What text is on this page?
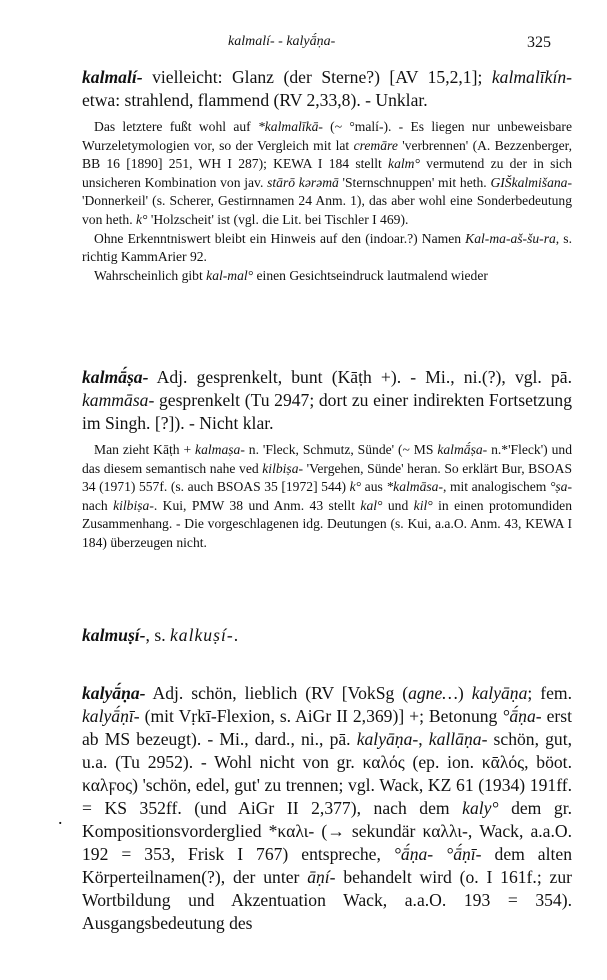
kalmalí- - kalyā́ṇa-	325

kalmalí- vielleicht: Glanz (der Sterne?) [AV 15,2,1]; kalmalīkín- etwa: strahlend, flammend (RV 2,33,8). - Unklar.

Das letztere fußt wohl auf *kalmalīkā- (~ °malí-). - Es liegen nur unbeweisbare Wurzeletymologien vor, so der Vergleich mit lat cremāre 'verbrennen' (A. Bezzenberger, BB 16 [1890] 251, WH I 287); KEWA I 184 stellt kalm° vermutend zu der in sich unsicheren Kombination von jav. stārō kərəmā 'Sternschnuppen' mit heth. GIŠkalmišana- 'Donnerkeil' (s. Scherer, Gestirnnamen 24 Anm. 1), das aber wohl eine Sonderbedeutung von heth. k° 'Holzscheit' ist (vgl. die Lit. bei Tischler I 469).

Ohne Erkenntniswert bleibt ein Hinweis auf den (indoar.?) Namen Kal-ma-aš-šu-ra, s. richtig KammArier 92.

Wahrscheinlich gibt kal-mal° einen Gesichtseindruck lautmalend wieder

kalmā́ṣa- Adj. gesprenkelt, bunt (Kāṭh +). - Mi., ni.(?), vgl. pā. kammāsa- gesprenkelt (Tu 2947; dort zu einer indirekten Fortsetzung im Singh. [?]). - Nicht klar.

Man zieht Kāṭh + kalmaṣa- n. 'Fleck, Schmutz, Sünde' (~ MS kalmā́ṣa- n.*'Fleck') und das diesem semantisch nahe ved kilbiṣa- 'Vergehen, Sünde' heran. So erklärt Bur, BSOAS 34 (1971) 557f. (s. auch BSOAS 35 [1972] 544) k° aus *kalmāsa-, mit analogischem °ṣa- nach kilbiṣa-. Kui, PMW 38 und Anm. 43 stellt kal° und kil° in einen protomundiden Zusammenhang. - Die vorgeschlagenen idg. Deutungen (s. Kui, a.a.O. Anm. 43, KEWA I 184) überzeugen nicht.

kalmuṣí-, s. kalkuṣí-.

kalyā́ṇa- Adj. schön, lieblich (RV [VokSg (agne…) kalyāṇa; fem. kalyā́ṇī- (mit Vṛkī-Flexion, s. AiGr II 2,369)] +; Betonung °ā́ṇa- erst ab MS bezeugt). - Mi., dard., ni., pā. kalyāṇa-, kallāṇa- schön, gut, u.a. (Tu 2952). - Wohl nicht von gr. καλός (ep. ion. κᾱλός, böot. καλϝος) 'schön, edel, gut' zu trennen; vgl. Wack, KZ 61 (1934) 191ff. = KS 352ff. (und AiGr II 2,377), nach dem kaly° dem gr. Kompositionsvorderglied *καλι- (→ sekundär καλλι-, Wack, a.a.O. 192 = 353, Frisk I 767) entspreche, °ā́ṇa- °ā́ṇī- dem alten Körperteilnamen(?), der unter āṇí- behandelt wird (o. I 161f.; zur Wortbildung und Akzentuation Wack, a.a.O. 193 = 354). Ausgangsbedeutung des

.
